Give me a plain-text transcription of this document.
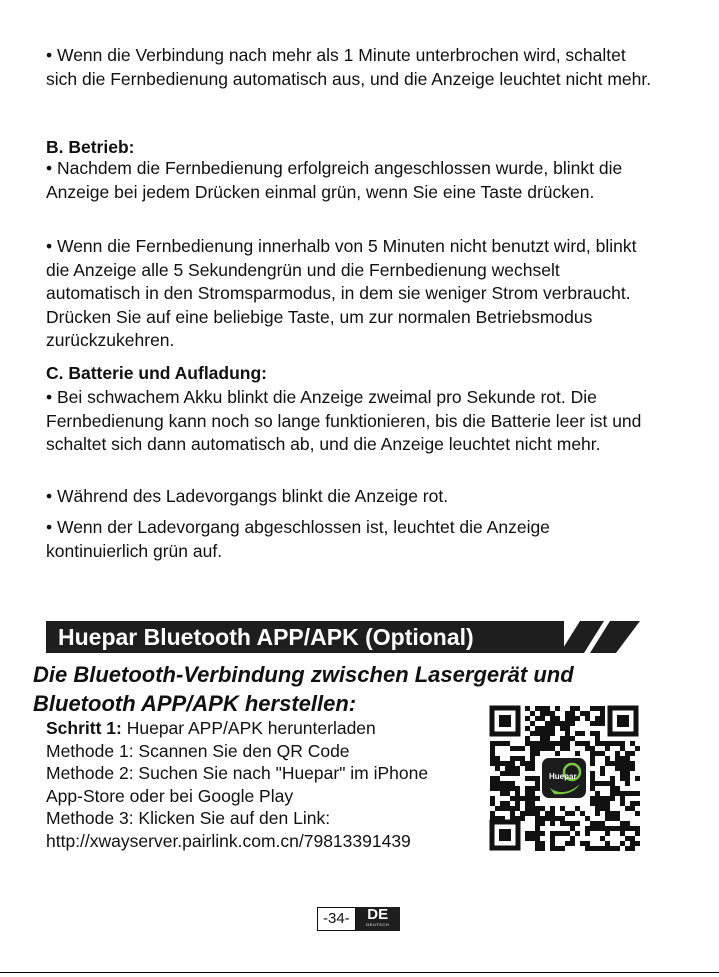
• Wenn die Verbindung nach mehr als 1 Minute unterbrochen wird, schaltet sich die Fernbedienung automatisch aus, und die Anzeige leuchtet nicht mehr.

B. Betrieb:

• Nachdem die Fernbedienung erfolgreich angeschlossen wurde, blinkt die Anzeige bei jedem Drücken einmal grün, wenn Sie eine Taste drücken.

• Wenn die Fernbedienung innerhalb von 5 Minuten nicht benutzt wird, blinkt die Anzeige alle 5 Sekundengrün und die Fernbedienung wechselt automatisch in den Stromsparmodus, in dem sie weniger Strom verbraucht. Drücken Sie auf eine beliebige Taste, um zur normalen Betriebsmodus zurückzukehren.

C. Batterie und Aufladung:

• Bei schwachem Akku blinkt die Anzeige zweimal pro Sekunde rot. Die Fernbedienung kann noch so lange funktionieren, bis die Batterie leer ist und schaltet sich dann automatisch ab, und die Anzeige leuchtet nicht mehr.

• Während des Ladevorgangs blinkt die Anzeige rot.

• Wenn der Ladevorgang abgeschlossen ist, leuchtet die Anzeige kontinuierlich grün auf.

Huepar Bluetooth APP/APK (Optional)

Die Bluetooth-Verbindung zwischen Lasergerät und
Bluetooth APP/APK herstellen:

Schritt 1: Huepar APP/APK herunterladen
Methode 1: Scannen Sie den QR Code
Methode 2: Suchen Sie nach "Huepar" im iPhone
App-Store oder bei Google Play
Methode 3: Klicken Sie auf den Link:
http://xwayserver.pairlink.com.cn/79813391439

Huepar
-34-	DE
DEUTSCH
